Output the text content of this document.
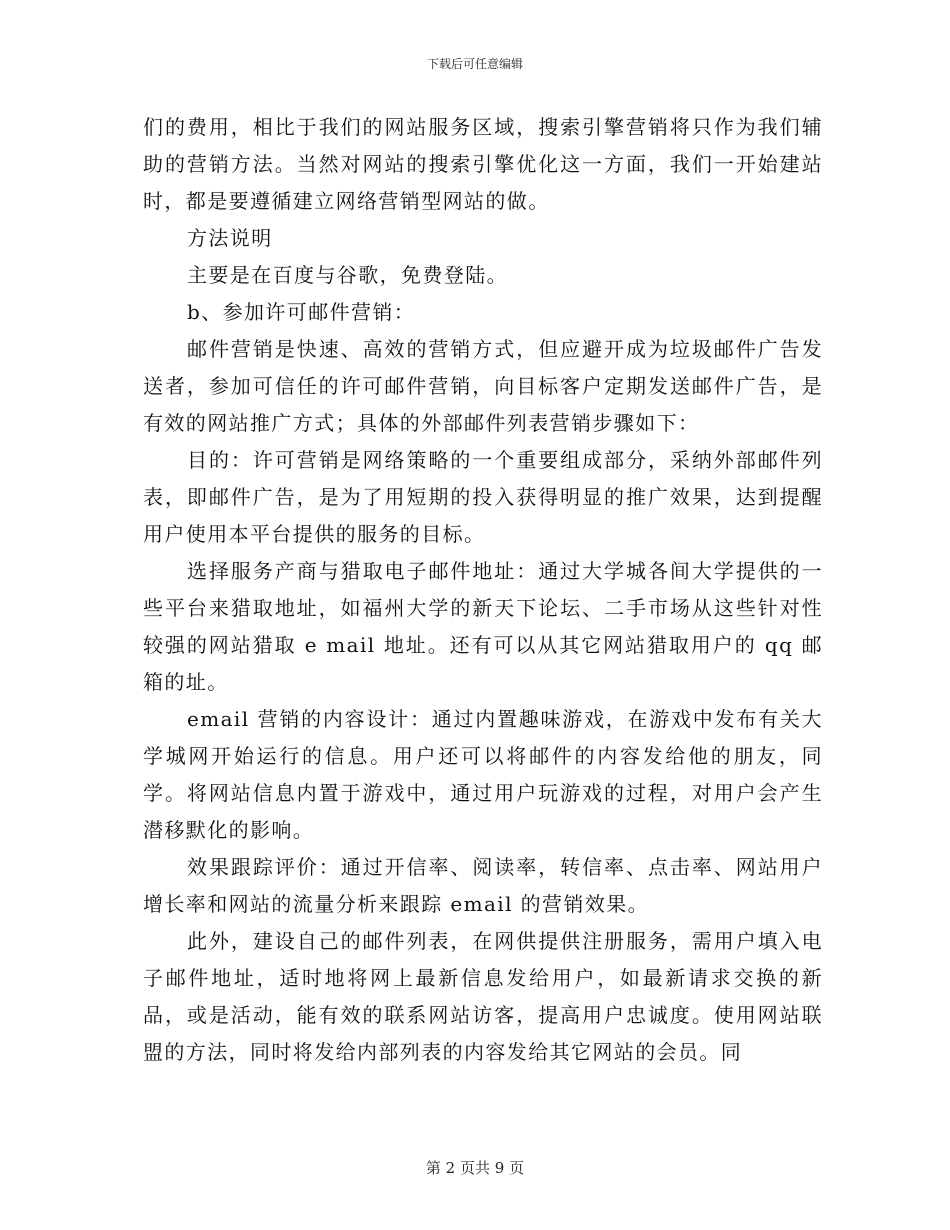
下载后可任意编辑

们的费用，相比于我们的网站服务区域，搜索引擎营销将只作为我们辅助的营销方法。当然对网站的搜索引擎优化这一方面，我们一开始建站时，都是要遵循建立网络营销型网站的做。

方法说明

主要是在百度与谷歌，免费登陆。

b、参加许可邮件营销：

邮件营销是快速、高效的营销方式，但应避开成为垃圾邮件广告发送者，参加可信任的许可邮件营销，向目标客户定期发送邮件广告，是有效的网站推广方式；具体的外部邮件列表营销步骤如下：

目的：许可营销是网络策略的一个重要组成部分，采纳外部邮件列表，即邮件广告，是为了用短期的投入获得明显的推广效果，达到提醒用户使用本平台提供的服务的目标。

选择服务产商与猎取电子邮件地址：通过大学城各间大学提供的一些平台来猎取地址，如福州大学的新天下论坛、二手市场从这些针对性较强的网站猎取 e mail 地址。还有可以从其它网站猎取用户的 qq 邮箱的址。

email 营销的内容设计：通过内置趣味游戏，在游戏中发布有关大学城网开始运行的信息。用户还可以将邮件的内容发给他的朋友，同学。将网站信息内置于游戏中，通过用户玩游戏的过程，对用户会产生潜移默化的影响。

效果跟踪评价：通过开信率、阅读率，转信率、点击率、网站用户增长率和网站的流量分析来跟踪 email 的营销效果。

此外，建设自己的邮件列表，在网供提供注册服务，需用户填入电子邮件地址，适时地将网上最新信息发给用户，如最新请求交换的新品，或是活动，能有效的联系网站访客，提高用户忠诚度。使用网站联盟的方法，同时将发给内部列表的内容发给其它网站的会员。同

第 2 页共 9 页
